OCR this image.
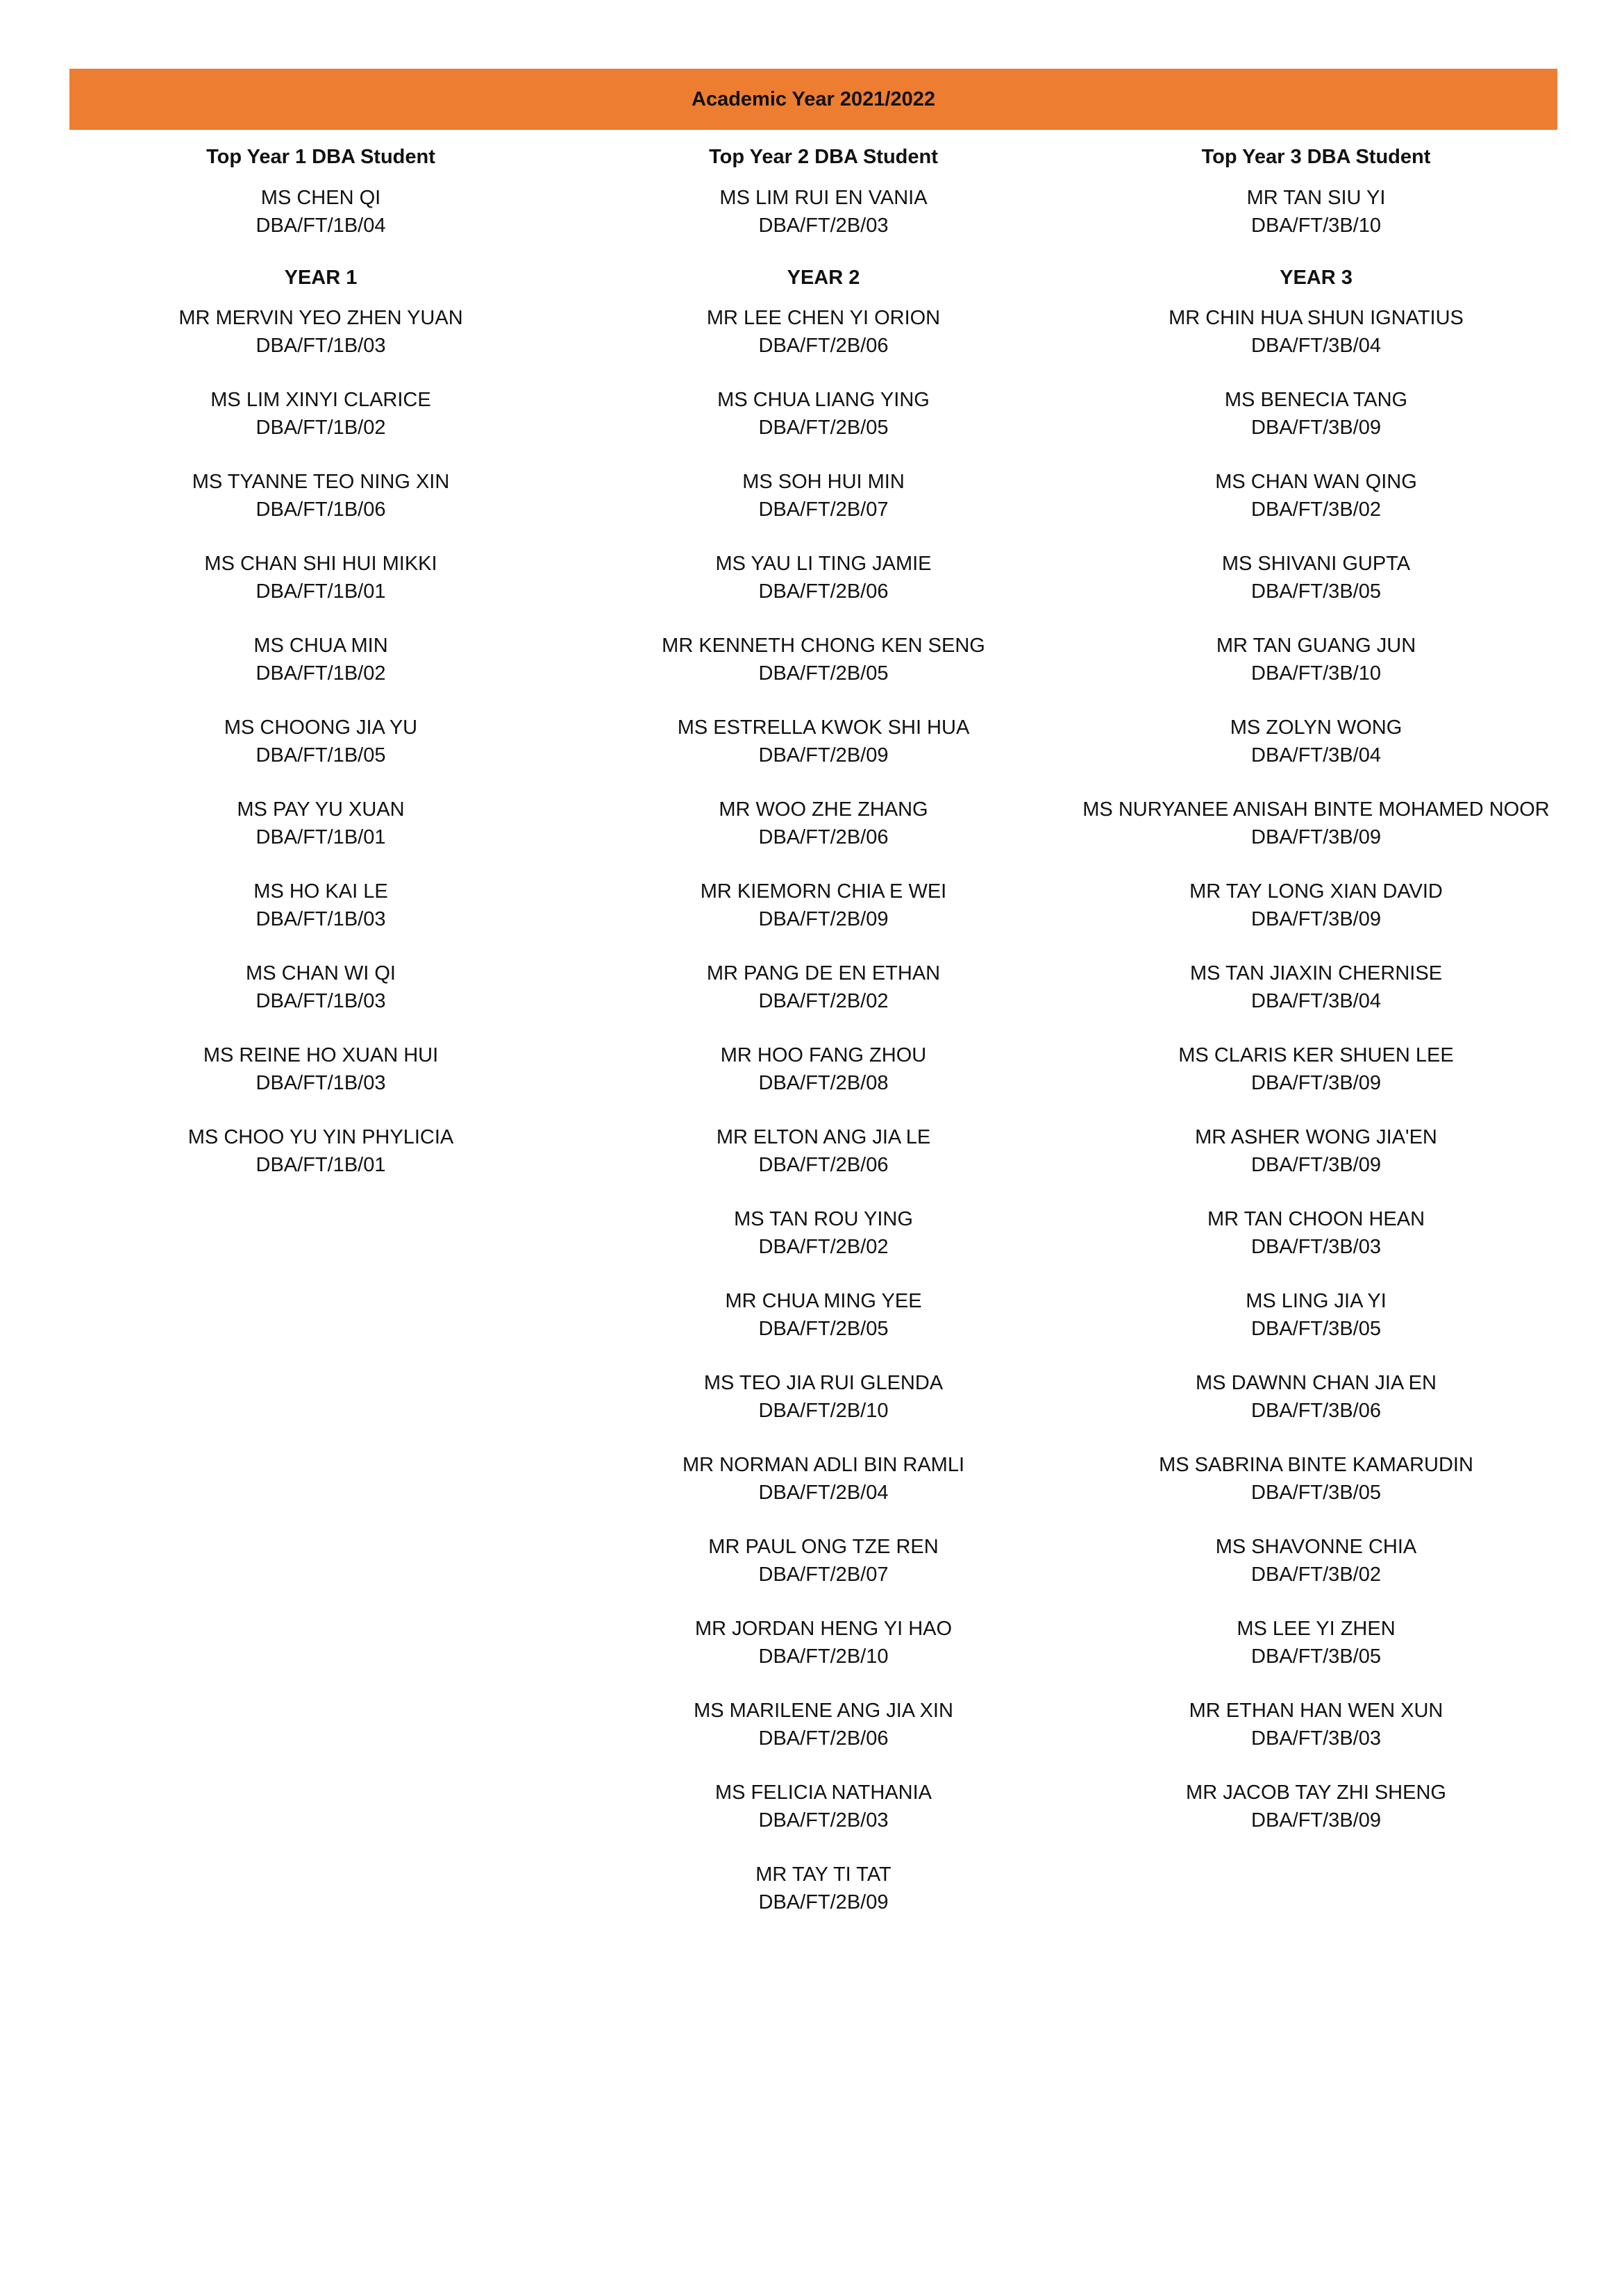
Academic Year 2021/2022
Top Year 1 DBA Student
MS CHEN QI
DBA/FT/1B/04
YEAR 1
MR MERVIN YEO ZHEN YUAN
DBA/FT/1B/03
MS LIM XINYI CLARICE
DBA/FT/1B/02
MS TYANNE TEO NING XIN
DBA/FT/1B/06
MS CHAN SHI HUI MIKKI
DBA/FT/1B/01
MS CHUA MIN
DBA/FT/1B/02
MS CHOONG JIA YU
DBA/FT/1B/05
MS PAY YU XUAN
DBA/FT/1B/01
MS HO KAI LE
DBA/FT/1B/03
MS CHAN WI QI
DBA/FT/1B/03
MS REINE HO XUAN HUI
DBA/FT/1B/03
MS CHOO YU YIN PHYLICIA
DBA/FT/1B/01
Top Year 2 DBA Student
MS LIM RUI EN VANIA
DBA/FT/2B/03
YEAR 2
MR LEE CHEN YI ORION
DBA/FT/2B/06
MS CHUA LIANG YING
DBA/FT/2B/05
MS SOH HUI MIN
DBA/FT/2B/07
MS YAU LI TING JAMIE
DBA/FT/2B/06
MR KENNETH CHONG KEN SENG
DBA/FT/2B/05
MS ESTRELLA KWOK SHI HUA
DBA/FT/2B/09
MR WOO ZHE ZHANG
DBA/FT/2B/06
MR KIEMORN CHIA E WEI
DBA/FT/2B/09
MR PANG DE EN ETHAN
DBA/FT/2B/02
MR HOO FANG ZHOU
DBA/FT/2B/08
MR ELTON ANG JIA LE
DBA/FT/2B/06
MS TAN ROU YING
DBA/FT/2B/02
MR CHUA MING YEE
DBA/FT/2B/05
MS TEO JIA RUI GLENDA
DBA/FT/2B/10
MR NORMAN ADLI BIN RAMLI
DBA/FT/2B/04
MR PAUL ONG TZE REN
DBA/FT/2B/07
MR JORDAN HENG YI HAO
DBA/FT/2B/10
MS MARILENE ANG JIA XIN
DBA/FT/2B/06
MS FELICIA NATHANIA
DBA/FT/2B/03
MR TAY TI TAT
DBA/FT/2B/09
Top Year 3 DBA Student
MR TAN SIU YI
DBA/FT/3B/10
YEAR 3
MR CHIN HUA SHUN IGNATIUS
DBA/FT/3B/04
MS BENECIA TANG
DBA/FT/3B/09
MS CHAN WAN QING
DBA/FT/3B/02
MS SHIVANI GUPTA
DBA/FT/3B/05
MR TAN GUANG JUN
DBA/FT/3B/10
MS ZOLYN WONG
DBA/FT/3B/04
MS NURYANEE ANISAH BINTE MOHAMED NOOR
DBA/FT/3B/09
MR TAY LONG XIAN DAVID
DBA/FT/3B/09
MS TAN JIAXIN CHERNISE
DBA/FT/3B/04
MS CLARIS KER SHUEN LEE
DBA/FT/3B/09
MR ASHER WONG JIA'EN
DBA/FT/3B/09
MR TAN CHOON HEAN
DBA/FT/3B/03
MS LING JIA YI
DBA/FT/3B/05
MS DAWNN CHAN JIA EN
DBA/FT/3B/06
MS SABRINA BINTE KAMARUDIN
DBA/FT/3B/05
MS SHAVONNE CHIA
DBA/FT/3B/02
MS LEE YI ZHEN
DBA/FT/3B/05
MR ETHAN HAN WEN XUN
DBA/FT/3B/03
MR JACOB TAY ZHI SHENG
DBA/FT/3B/09
